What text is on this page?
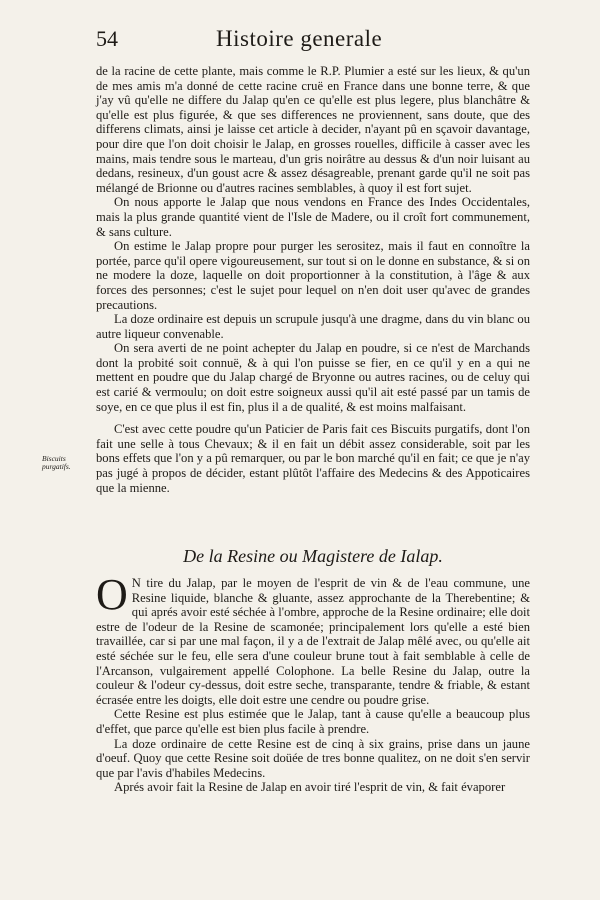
54	Histoire generale

de la racine de cette plante, mais comme le R.P. Plumier a esté sur les lieux, & qu'un de mes amis m'a donné de cette racine cruë en France dans une bonne terre, & que j'ay vû qu'elle ne differe du Jalap qu'en ce qu'elle est plus legere, plus blanchâtre & qu'elle est plus figurée, & que ses differences ne proviennent, sans doute, que des differens climats, ainsi je laisse cet article à decider, n'ayant pû en sçavoir davantage, pour dire que l'on doit choisir le Jalap, en grosses rouelles, difficile à casser avec les mains, mais tendre sous le marteau, d'un gris noirâtre au dessus & d'un noir luisant au dedans, resineux, d'un goust acre & assez désagreable, prenant garde qu'il ne soit pas mélangé de Brionne ou d'autres racines semblables, à quoy il est fort sujet.

On nous apporte le Jalap que nous vendons en France des Indes Occidentales, mais la plus grande quantité vient de l'Isle de Madere, ou il croît fort communement, & sans culture.

On estime le Jalap propre pour purger les serositez, mais il faut en connoître la portée, parce qu'il opere vigoureusement, sur tout si on le donne en substance, & si on ne modere la doze, laquelle on doit proportionner à la constitution, à l'âge & aux forces des personnes; c'est le sujet pour lequel on n'en doit user qu'avec de grandes precautions.

La doze ordinaire est depuis un scrupule jusqu'à une dragme, dans du vin blanc ou autre liqueur convenable.

On sera averti de ne point achepter du Jalap en poudre, si ce n'est de Marchands dont la probité soit connuë, & à qui l'on puisse se fier, en ce qu'il y en a qui ne mettent en poudre que du Jalap chargé de Bryonne ou autres racines, ou de celuy qui est carié & vermoulu; on doit estre soigneux aussi qu'il ait esté passé par un tamis de soye, en ce que plus il est fin, plus il a de qualité, & est moins malfaisant.

C'est avec cette poudre qu'un Paticier de Paris fait ces Biscuits purgatifs, dont l'on fait une selle à tous Chevaux; & il en fait un débit assez considerable, soit par les bons effets que l'on y a pû remarquer, ou par le bon marché qu'il en fait; ce que je n'ay pas jugé à propos de décider, estant plûtôt l'affaire des Medecins & des Appoticaires que la mienne.

Biscuits purgatifs.
De la Resine ou Magistere de Ialap.

O N tire du Jalap, par le moyen de l'esprit de vin & de l'eau commune, une Resine liquide, blanche & gluante, assez approchante de la Therebentine; & qui aprés avoir esté séchée à l'ombre, approche de la Resine ordinaire; elle doit estre de l'odeur de la Resine de scamonée; principalement lors qu'elle a esté bien travaillée, car si par une mal façon, il y a de l'extrait de Jalap mêlé avec, ou qu'elle ait esté séchée sur le feu, elle sera d'une couleur brune tout à fait semblable à celle de l'Arcanson, vulgairement appellé Colophone. La belle Resine du Jalap, outre la couleur & l'odeur cy-dessus, doit estre seche, transparante, tendre & friable, & estant écrasée entre les doigts, elle doit estre une cendre ou poudre grise.

Cette Resine est plus estimée que le Jalap, tant à cause qu'elle a beaucoup plus d'effet, que parce qu'elle est bien plus facile à prendre.

La doze ordinaire de cette Resine est de cinq à six grains, prise dans un jaune d'oeuf. Quoy que cette Resine soit doüée de tres bonne qualitez, on ne doit s'en servir que par l'avis d'habiles Medecins.

Aprés avoir fait la Resine de Jalap en avoir tiré l'esprit de vin, & fait évaporer
